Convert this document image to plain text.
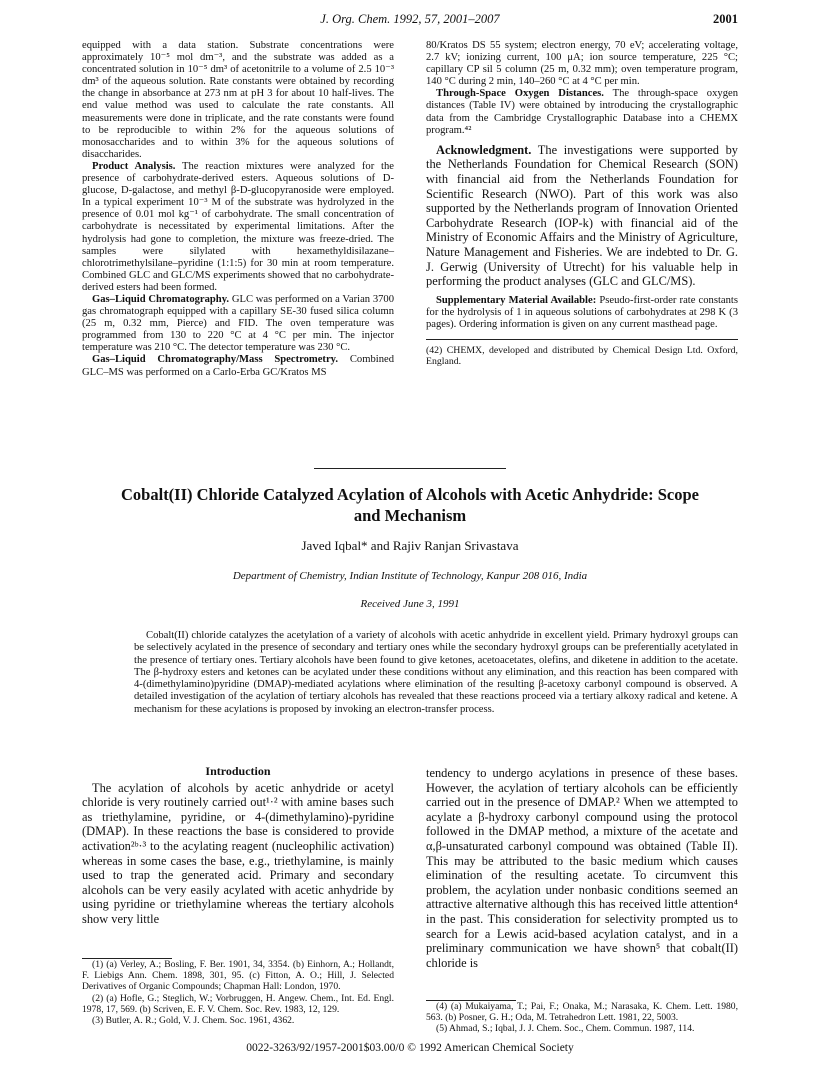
J. Org. Chem. 1992, 57, 2001–2007	2001

equipped with a data station. Substrate concentrations were approximately 10⁻⁵ mol dm⁻³, and the substrate was added as a concentrated solution in 10⁻⁵ dm³ of acetonitrile to a volume of 2.5 10⁻³ dm³ of the aqueous solution. Rate constants were obtained by recording the change in absorbance at 273 nm at pH 3 for about 10 half-lives. The end value method was used to calculate the rate constants. All measurements were done in triplicate, and the rate constants were found to be reproducible to within 2% for the aqueous solutions of monosaccharides and to within 3% for the aqueous solutions of disaccharides.

Product Analysis. The reaction mixtures were analyzed for the presence of carbohydrate-derived esters. Aqueous solutions of D-glucose, D-galactose, and methyl β-D-glucopyranoside were employed. In a typical experiment 10⁻³ M of the substrate was hydrolyzed in the presence of 0.01 mol kg⁻¹ of carbohydrate. The small concentration of carbohydrate is necessitated by experimental limitations. After the hydrolysis had gone to completion, the mixture was freeze-dried. The samples were silylated with hexamethyldisilazane–chlorotrimethylsilane–pyridine (1:1:5) for 30 min at room temperature. Combined GLC and GLC/MS experiments showed that no carbohydrate-derived esters had been formed.

Gas–Liquid Chromatography. GLC was performed on a Varian 3700 gas chromatograph equipped with a capillary SE-30 fused silica column (25 m, 0.32 mm, Pierce) and FID. The oven temperature was programmed from 130 to 220 °C at 4 °C per min. The injector temperature was 210 °C. The detector temperature was 230 °C.

Gas–Liquid Chromatography/Mass Spectrometry. Combined GLC–MS was performed on a Carlo-Erba GC/Kratos MS

80/Kratos DS 55 system; electron energy, 70 eV; accelerating voltage, 2.7 kV; ionizing current, 100 μA; ion source temperature, 225 °C; capillary CP sil 5 column (25 m, 0.32 mm); oven temperature program, 140 °C during 2 min, 140–260 °C at 4 °C per min.

Through-Space Oxygen Distances. The through-space oxygen distances (Table IV) were obtained by introducing the crystallographic data from the Cambridge Crystallographic Database into a CHEMX program.⁴²

Acknowledgment. The investigations were supported by the Netherlands Foundation for Chemical Research (SON) with financial aid from the Netherlands Foundation for Scientific Research (NWO). Part of this work was also supported by the Netherlands program of Innovation Oriented Carbohydrate Research (IOP-k) with financial aid of the Ministry of Economic Affairs and the Ministry of Agriculture, Nature Management and Fisheries. We are indebted to Dr. G. J. Gerwig (University of Utrecht) for his valuable help in performing the product analyses (GLC and GLC/MS).

Supplementary Material Available: Pseudo-first-order rate constants for the hydrolysis of 1 in aqueous solutions of carbohydrates at 298 K (3 pages). Ordering information is given on any current masthead page.

(42) CHEMX, developed and distributed by Chemical Design Ltd. Oxford, England.

Cobalt(II) Chloride Catalyzed Acylation of Alcohols with Acetic Anhydride: Scope and Mechanism
Javed Iqbal* and Rajiv Ranjan Srivastava
Department of Chemistry, Indian Institute of Technology, Kanpur 208 016, India
Received June 3, 1991
Cobalt(II) chloride catalyzes the acetylation of a variety of alcohols with acetic anhydride in excellent yield. Primary hydroxyl groups can be selectively acylated in the presence of secondary and tertiary ones while the secondary hydroxyl groups can be preferentially acetylated in the presence of tertiary ones. Tertiary alcohols have been found to give ketones, acetoacetates, olefins, and diketene in addition to the acetate. The β-hydroxy esters and ketones can be acylated under these conditions without any elimination, and this reaction has been compared with 4-(dimethylamino)pyridine (DMAP)-mediated acylations where elimination of the resulting β-acetoxy carbonyl compound is observed. A detailed investigation of the acylation of tertiary alcohols has revealed that these reactions proceed via a tertiary alkoxy radical and ketene. A mechanism for these acylations is proposed by invoking an electron-transfer process.
Introduction

The acylation of alcohols by acetic anhydride or acetyl chloride is very routinely carried out¹·² with amine bases such as triethylamine, pyridine, or 4-(dimethylamino)-pyridine (DMAP). In these reactions the base is considered to provide activation²ᵇ·³ to the acylating reagent (nucleophilic activation) whereas in some cases the base, e.g., triethylamine, is mainly used to trap the generated acid. Primary and secondary alcohols can be very easily acylated with acetic anhydride by using pyridine or triethylamine whereas the tertiary alcohols show very little

(1) (a) Verley, A.; Bosling, F. Ber. 1901, 34, 3354. (b) Einhorn, A.; Hollandt, F. Liebigs Ann. Chem. 1898, 301, 95. (c) Fitton, A. O.; Hill, J. Selected Derivatives of Organic Compounds; Chapman Hall: London, 1970.

(2) (a) Hofle, G.; Steglich, W.; Vorbruggen, H. Angew. Chem., Int. Ed. Engl. 1978, 17, 569. (b) Scriven, E. F. V. Chem. Soc. Rev. 1983, 12, 129.

(3) Butler, A. R.; Gold, V. J. Chem. Soc. 1961, 4362.

tendency to undergo acylations in presence of these bases. However, the acylation of tertiary alcohols can be efficiently carried out in the presence of DMAP.² When we attempted to acylate a β-hydroxy carbonyl compound using the protocol followed in the DMAP method, a mixture of the acetate and α,β-unsaturated carbonyl compound was obtained (Table II). This may be attributed to the basic medium which causes elimination of the resulting acetate. To circumvent this problem, the acylation under nonbasic conditions seemed an attractive alternative although this has received little attention⁴ in the past. This consideration for selectivity prompted us to search for a Lewis acid-based acylation catalyst, and in a preliminary communication we have shown⁵ that cobalt(II) chloride is

(4) (a) Mukaiyama, T.; Pai, F.; Onaka, M.; Narasaka, K. Chem. Lett. 1980, 563. (b) Posner, G. H.; Oda, M. Tetrahedron Lett. 1981, 22, 5003.

(5) Ahmad, S.; Iqbal, J. J. Chem. Soc., Chem. Commun. 1987, 114.

0022-3263/92/1957-2001$03.00/0 © 1992 American Chemical Society
